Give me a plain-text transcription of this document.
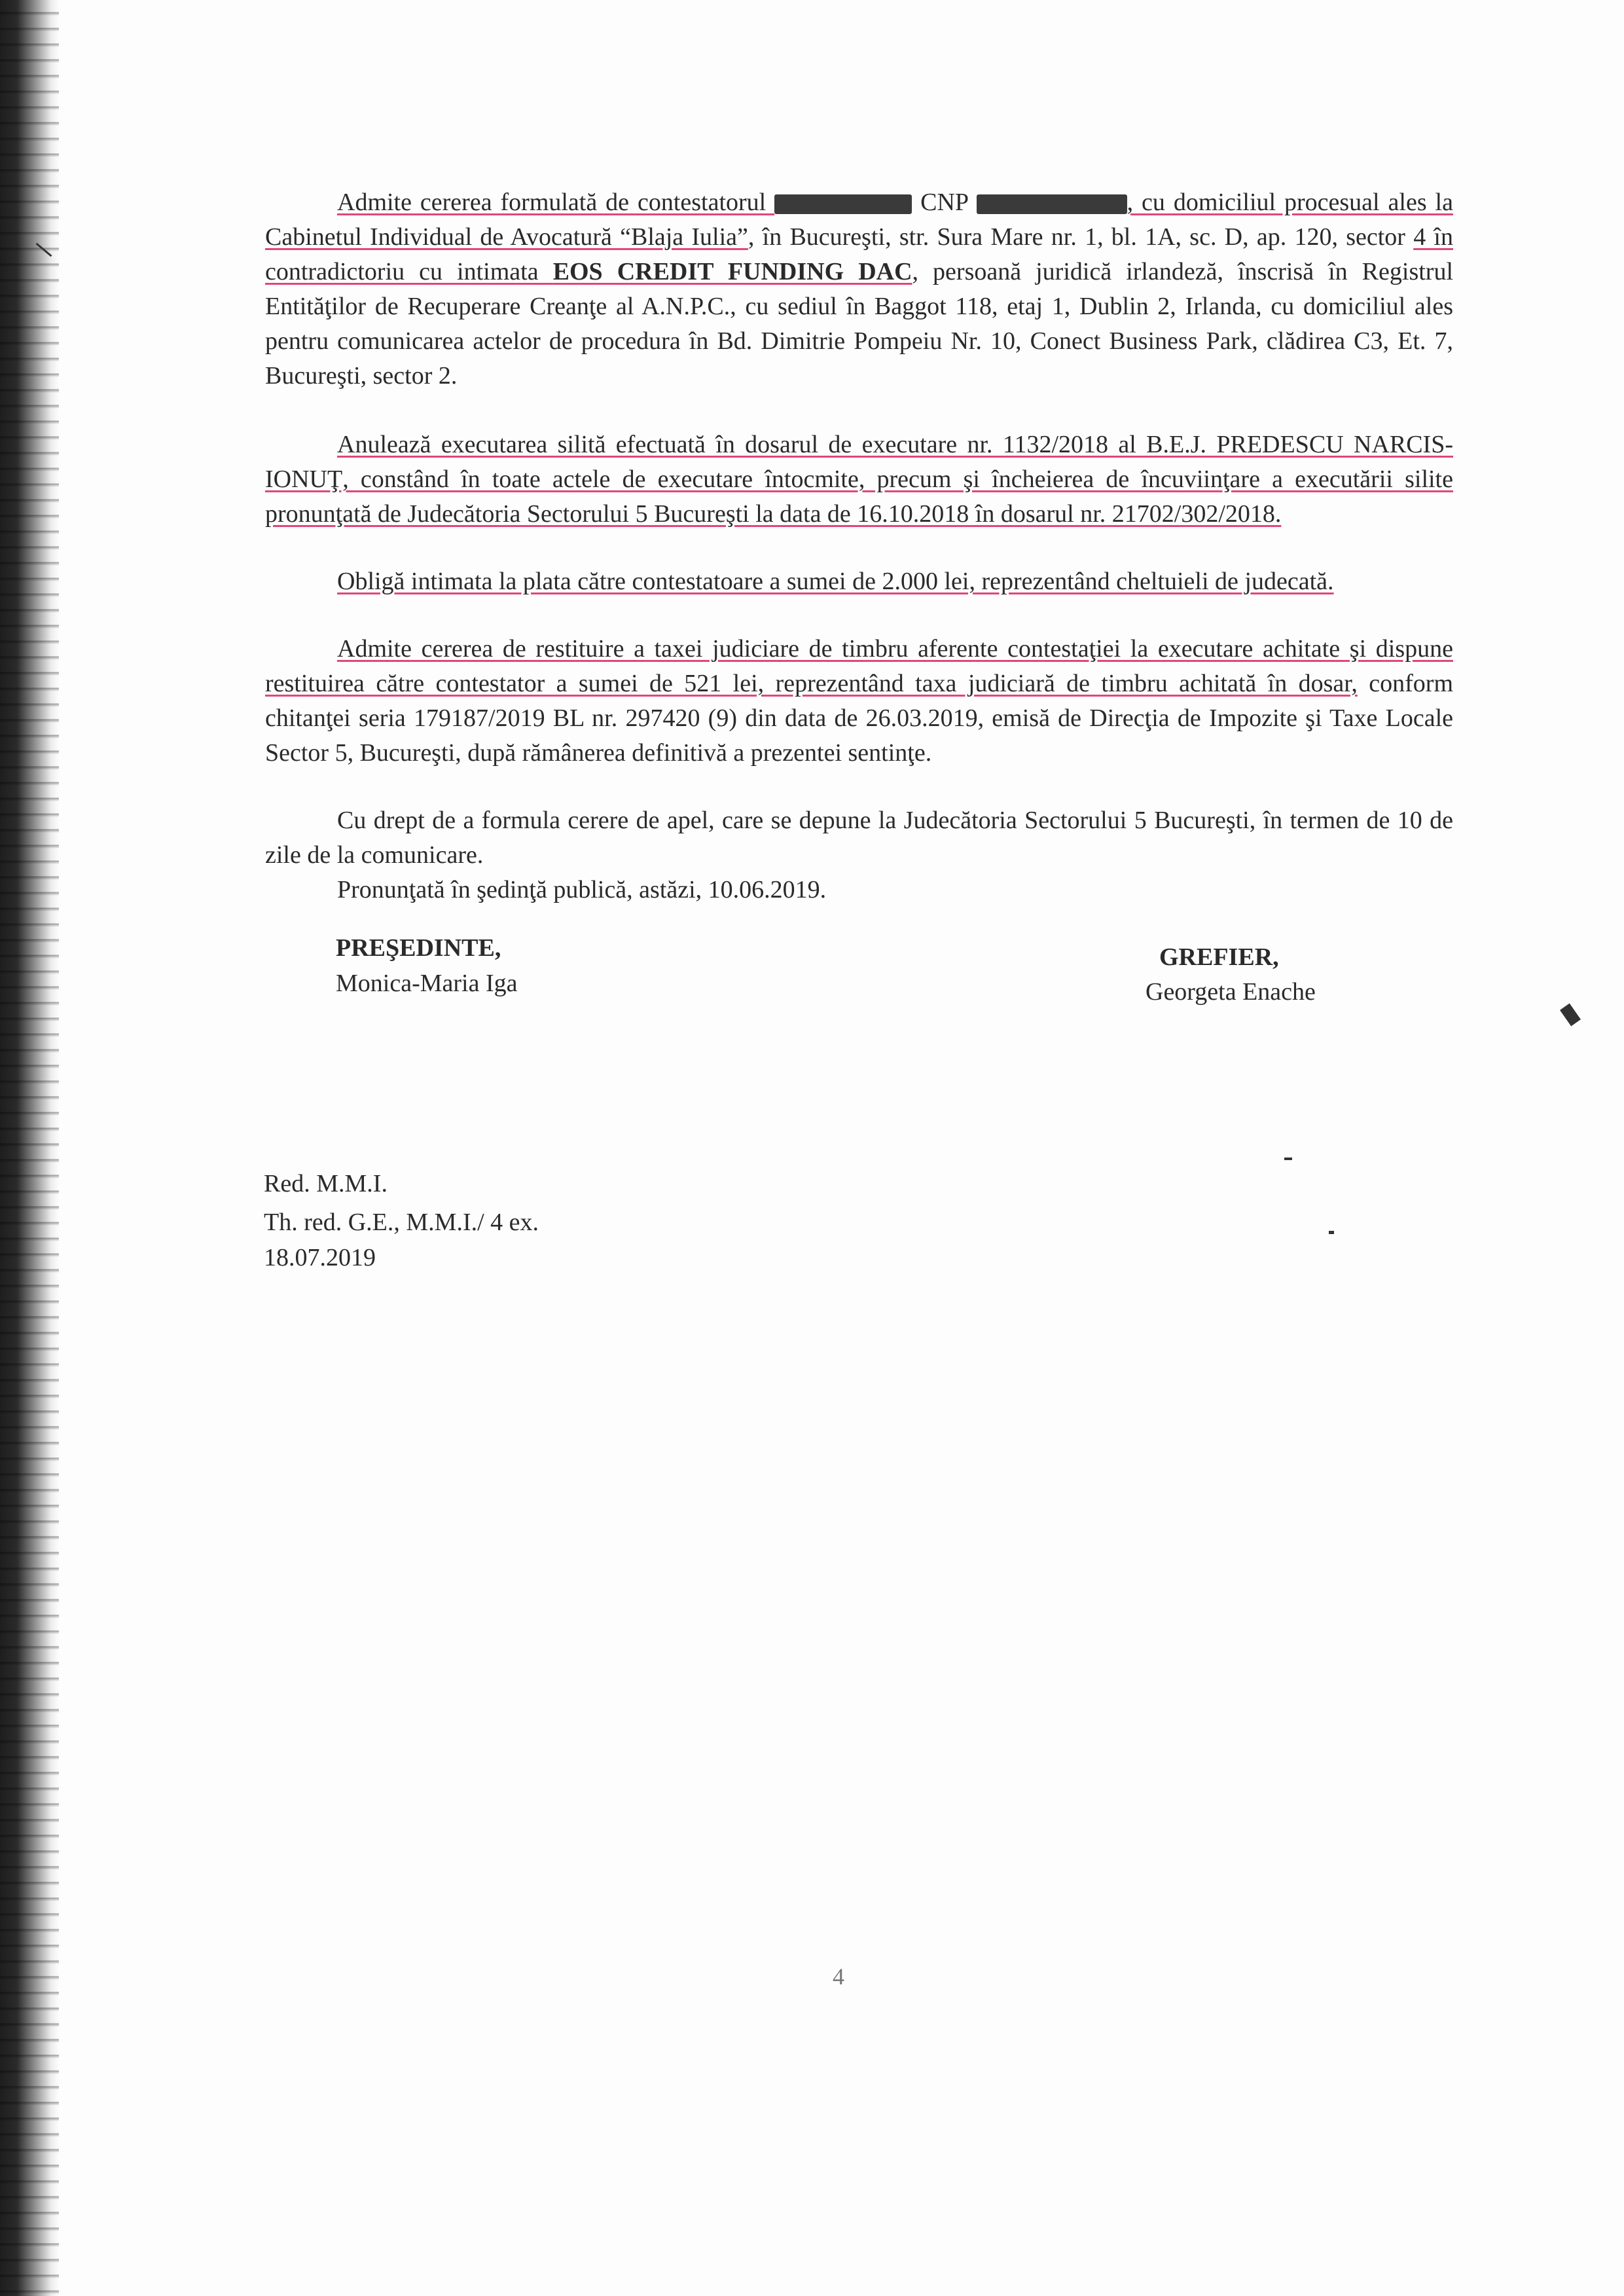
Admite cererea formulată de contestatorul	CNP	, cu domiciliul procesual ales la Cabinetul Individual de Avocatură “Blaja Iulia”, în Bucureşti, str. Sura Mare nr. 1, bl. 1A, sc. D, ap. 120, sector 4 în contradictoriu cu intimata EOS CREDIT FUNDING DAC, persoană juridică irlandeză, înscrisă în Registrul Entităţilor de Recuperare Creanţe al A.N.P.C., cu sediul în Baggot 118, etaj 1, Dublin 2, Irlanda, cu domiciliul ales pentru comunicarea actelor de procedura în Bd. Dimitrie Pompeiu Nr. 10, Conect Business Park, clădirea C3, Et. 7, Bucureşti, sector 2.

Anulează executarea silită efectuată în dosarul de executare nr. 1132/2018 al B.E.J. PREDESCU NARCIS-IONUŢ, constând în toate actele de executare întocmite, precum şi încheierea de încuviinţare a executării silite pronunţată de Judecătoria Sectorului 5 Bucureşti la data de 16.10.2018 în dosarul nr. 21702/302/2018.

Obligă intimata la plata către contestatoare a sumei de 2.000 lei, reprezentând cheltuieli de judecată.

Admite cererea de restituire a taxei judiciare de timbru aferente contestaţiei la executare achitate şi dispune restituirea către contestator a sumei de 521 lei, reprezentând taxa judiciară de timbru achitată în dosar, conform chitanţei seria 179187/2019 BL nr. 297420 (9) din data de 26.03.2019, emisă de Direcţia de Impozite şi Taxe Locale Sector 5, Bucureşti, după rămânerea definitivă a prezentei sentinţe.

Cu drept de a formula cerere de apel, care se depune la Judecătoria Sectorului 5 Bucureşti, în termen de 10 de zile de la comunicare.

Pronunţată în şedinţă publică, astăzi, 10.06.2019.

PREŞEDINTE,
Monica-Maria Iga
GREFIER,
Georgeta Enache
Red. M.M.I.
Th. red. G.E., M.M.I./ 4 ex.
18.07.2019
4
